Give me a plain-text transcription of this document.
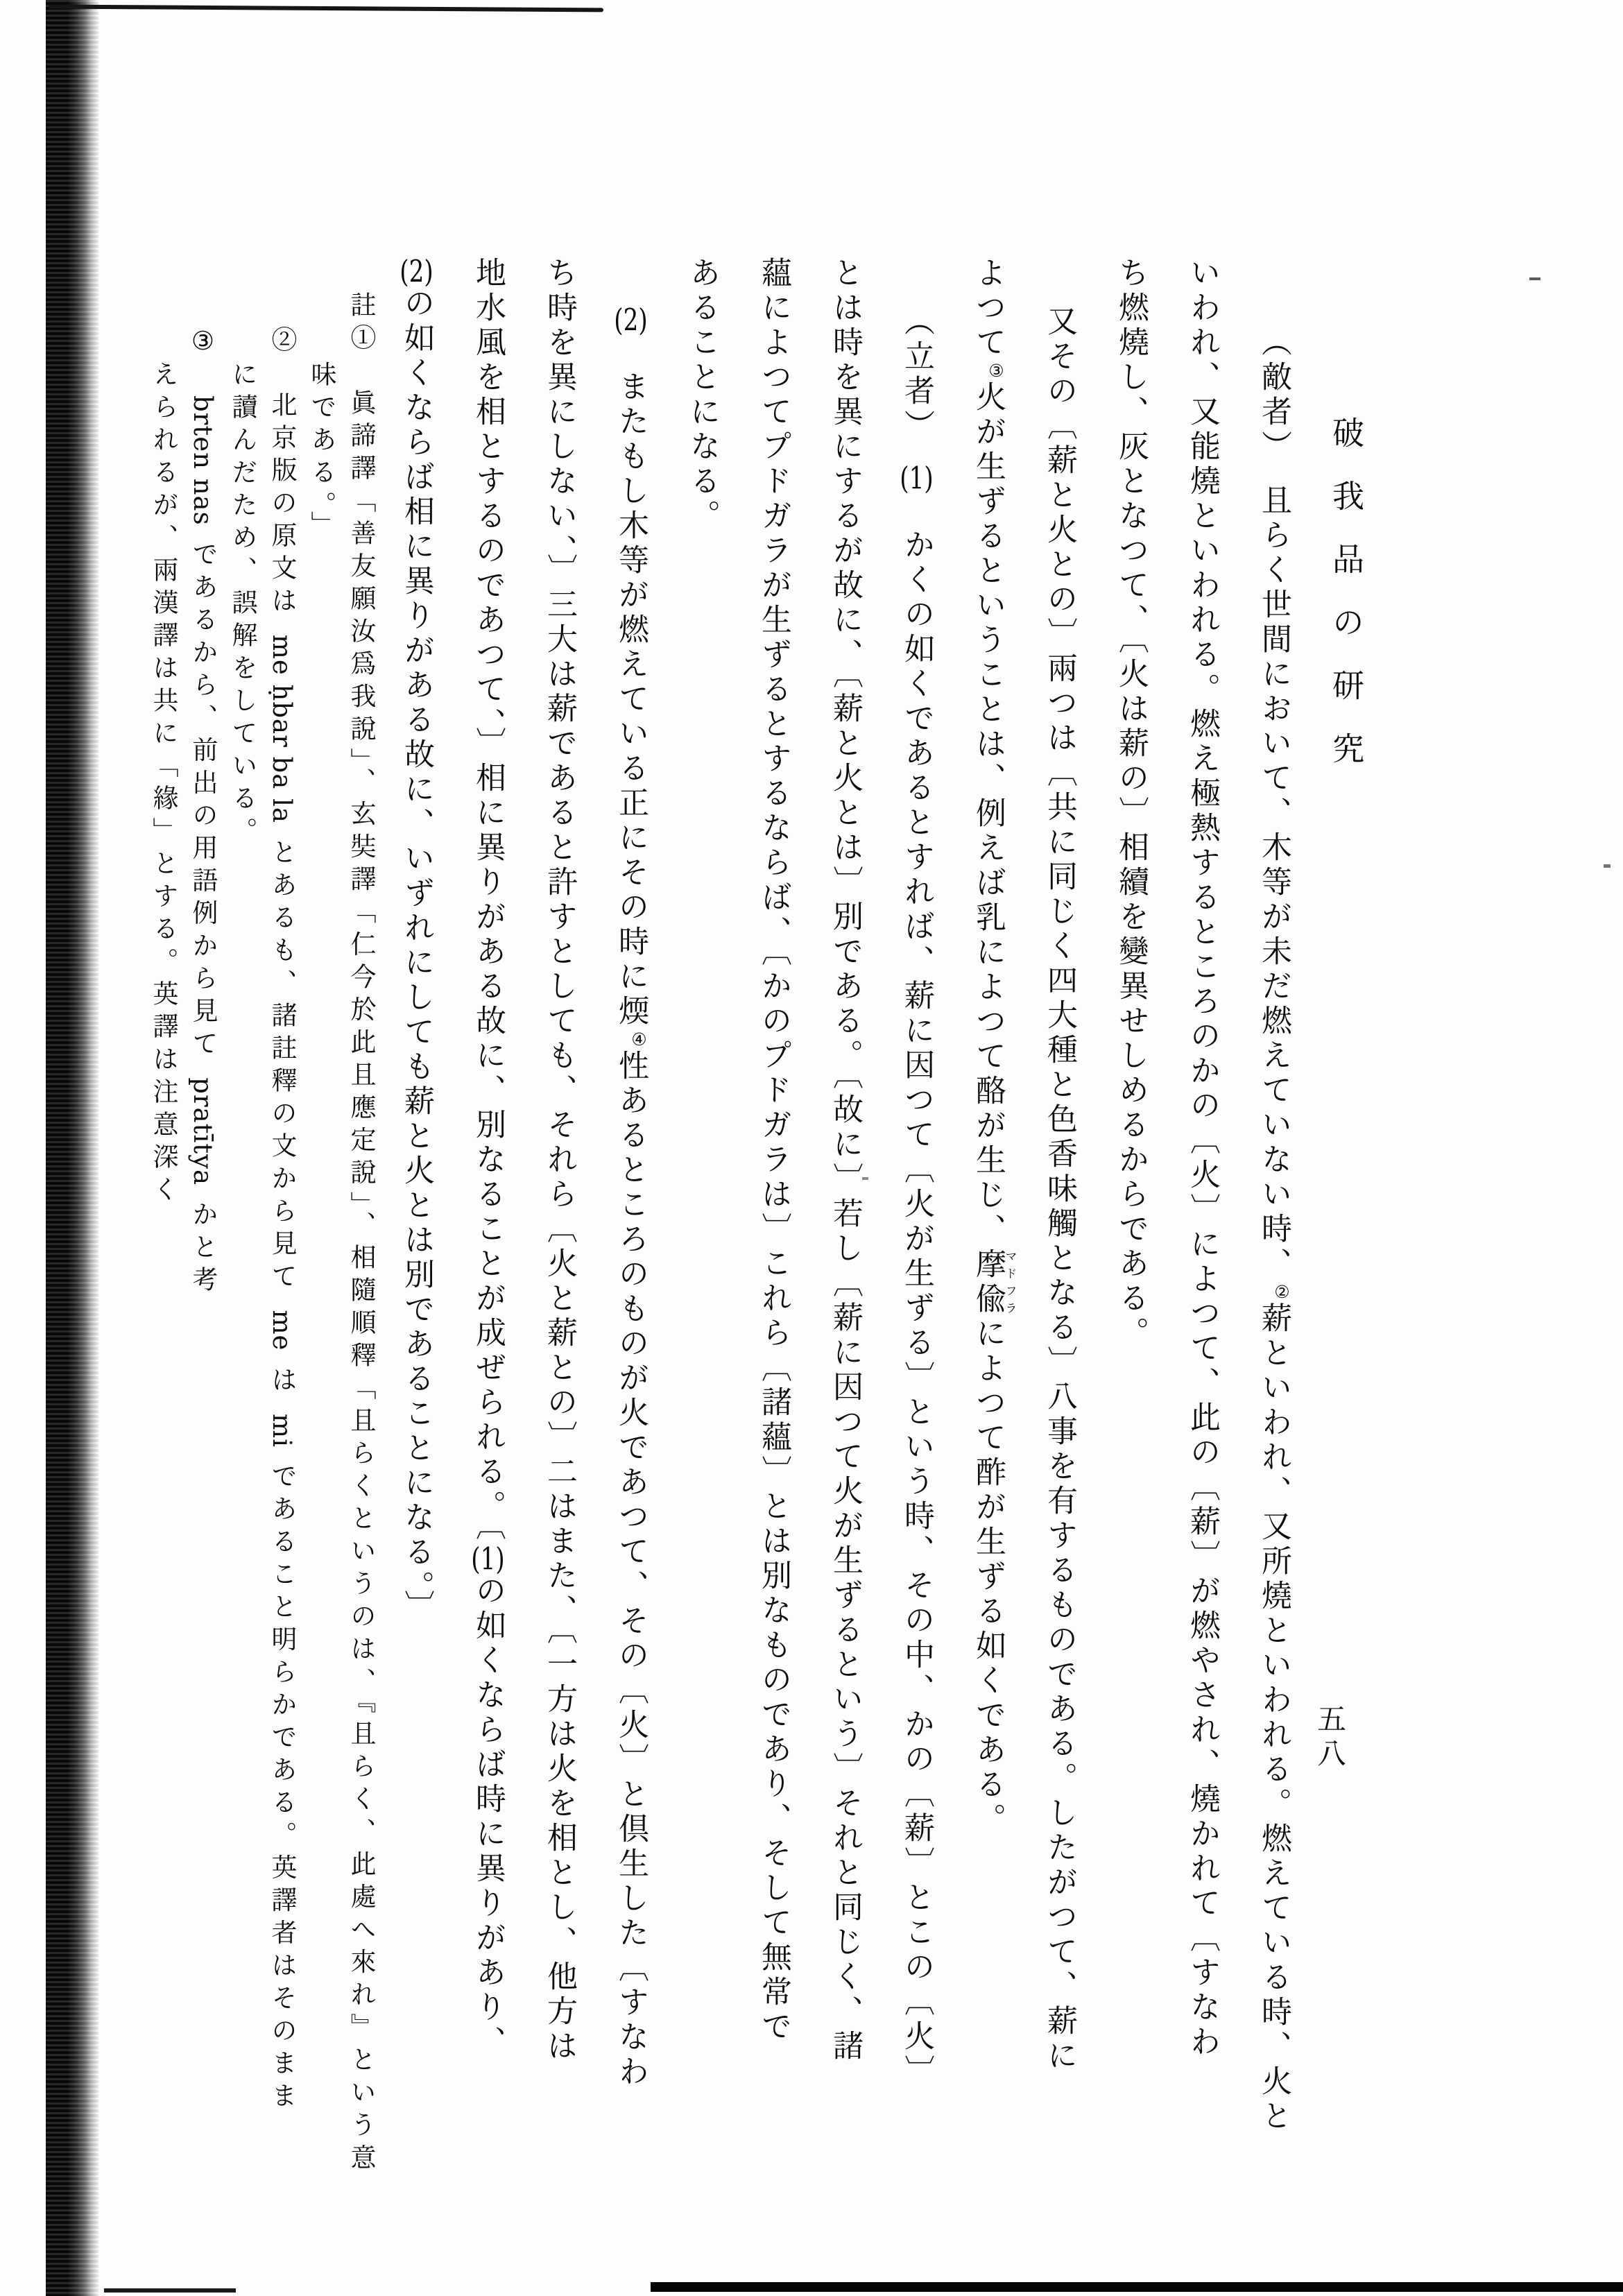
破我品の研究
五八
（敵者）　且らく世間において、木等が未だ燃えていない時、②薪といわれ、又所燒といわれる。燃えている時、火と
いわれ、又能燒といわれる。燃え極熱するところのかの〔火〕によつて、此の〔薪〕が燃やされ、燒かれて〔すなわ
ち燃燒し、灰となつて、〔火は薪の〕相續を變異せしめるからである。
又その〔薪と火との〕兩つは〔共に同じく四大種と色香味觸となる〕八事を有するものである。したがつて、薪に
よつて③火が生ずるということは、例えば乳によつて酪が生じ、摩偸マドフラによつて酢が生ずる如くである。
（立者）　(1)　かくの如くであるとすれば、薪に因つて〔火が生ずる〕という時、その中、かの〔薪〕とこの〔火〕
とは時を異にするが故に、〔薪と火とは〕別である。〔故に〕若し〔薪に因つて火が生ずるという〕それと同じく、諸
蘊によつてプドガラが生ずるとするならば、〔かのプドガラは〕これら〔諸蘊〕とは別なものであり、そして無常で
あることになる。
(2)　またもし木等が燃えている正にその時に煗④性あるところのものが火であつて、その〔火〕と倶生した〔すなわ
ち時を異にしない、〕三大は薪であると許すとしても、それら〔火と薪との〕二はまた、〔一方は火を相とし、他方は
地水風を相とするのであつて、〕相に異りがある故に、別なることが成ぜられる。〔(1)の如くならば時に異りがあり、
(2)の如くならば相に異りがある故に、いずれにしても薪と火とは別であることになる。〕
註①　眞諦譯「善友願汝爲我說」、玄奘譯「仁今於此且應定說」、相隨順釋「且らくというのは、『且らく、此處へ來れ』という意
味である。」
②　北京版の原文は me ḥbar ba la とあるも、諸註釋の文から見て me は mi であること明らかである。英譯者はそのまま
に讀んだため、誤解をしている。
③　brten nas であるから、前出の用語例から見て pratītya かと考
えられるが、兩漢譯は共に「緣」とする。英譯は注意深く
